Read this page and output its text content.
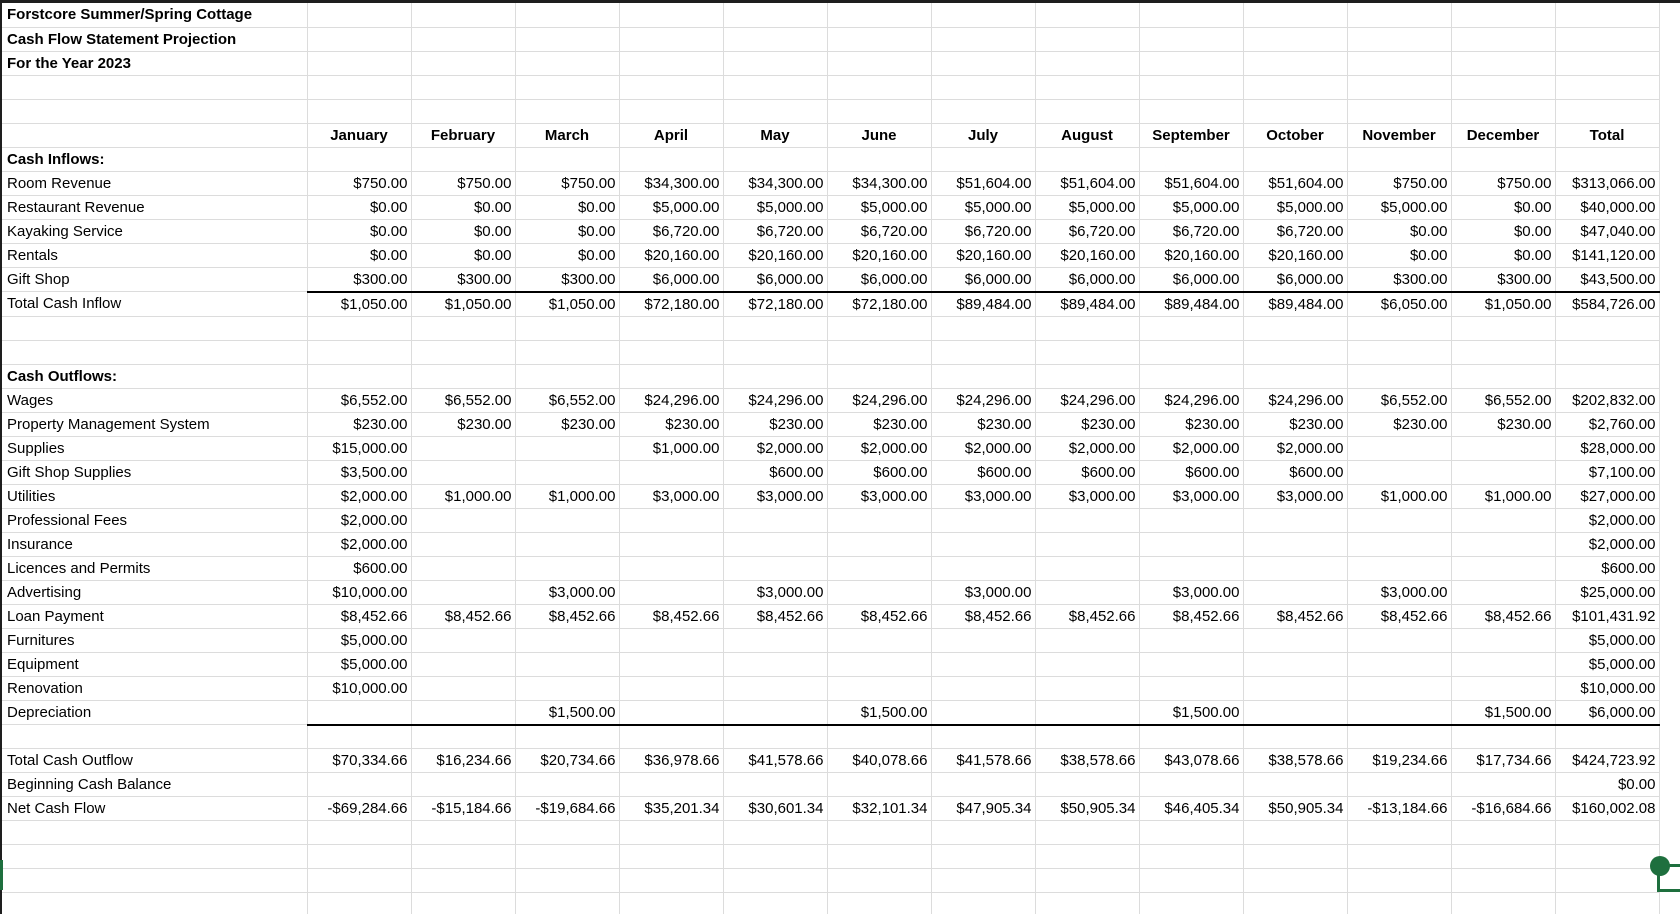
Forstcore Summer/Spring Cottage													
Cash Flow Statement Projection													
For the Year 2023													

	January	February	March	April	May	June	July	August	September	October	November	December	Total
Cash Inflows:													
Room Revenue	$750.00	$750.00	$750.00	$34,300.00	$34,300.00	$34,300.00	$51,604.00	$51,604.00	$51,604.00	$51,604.00	$750.00	$750.00	$313,066.00
Restaurant Revenue	$0.00	$0.00	$0.00	$5,000.00	$5,000.00	$5,000.00	$5,000.00	$5,000.00	$5,000.00	$5,000.00	$5,000.00	$0.00	$40,000.00
Kayaking Service	$0.00	$0.00	$0.00	$6,720.00	$6,720.00	$6,720.00	$6,720.00	$6,720.00	$6,720.00	$6,720.00	$0.00	$0.00	$47,040.00
Rentals	$0.00	$0.00	$0.00	$20,160.00	$20,160.00	$20,160.00	$20,160.00	$20,160.00	$20,160.00	$20,160.00	$0.00	$0.00	$141,120.00
Gift Shop	$300.00	$300.00	$300.00	$6,000.00	$6,000.00	$6,000.00	$6,000.00	$6,000.00	$6,000.00	$6,000.00	$300.00	$300.00	$43,500.00
Total Cash Inflow	$1,050.00	$1,050.00	$1,050.00	$72,180.00	$72,180.00	$72,180.00	$89,484.00	$89,484.00	$89,484.00	$89,484.00	$6,050.00	$1,050.00	$584,726.00

Cash Outflows:													
Wages	$6,552.00	$6,552.00	$6,552.00	$24,296.00	$24,296.00	$24,296.00	$24,296.00	$24,296.00	$24,296.00	$24,296.00	$6,552.00	$6,552.00	$202,832.00
Property Management System	$230.00	$230.00	$230.00	$230.00	$230.00	$230.00	$230.00	$230.00	$230.00	$230.00	$230.00	$230.00	$2,760.00
Supplies	$15,000.00			$1,000.00	$2,000.00	$2,000.00	$2,000.00	$2,000.00	$2,000.00	$2,000.00			$28,000.00
Gift Shop Supplies	$3,500.00				$600.00	$600.00	$600.00	$600.00	$600.00	$600.00			$7,100.00
Utilities	$2,000.00	$1,000.00	$1,000.00	$3,000.00	$3,000.00	$3,000.00	$3,000.00	$3,000.00	$3,000.00	$3,000.00	$1,000.00	$1,000.00	$27,000.00
Professional Fees	$2,000.00												$2,000.00
Insurance	$2,000.00												$2,000.00
Licences and Permits	$600.00												$600.00
Advertising	$10,000.00		$3,000.00		$3,000.00		$3,000.00		$3,000.00		$3,000.00		$25,000.00
Loan Payment	$8,452.66	$8,452.66	$8,452.66	$8,452.66	$8,452.66	$8,452.66	$8,452.66	$8,452.66	$8,452.66	$8,452.66	$8,452.66	$8,452.66	$101,431.92
Furnitures	$5,000.00												$5,000.00
Equipment	$5,000.00												$5,000.00
Renovation	$10,000.00												$10,000.00
Depreciation			$1,500.00			$1,500.00			$1,500.00			$1,500.00	$6,000.00

Total Cash Outflow	$70,334.66	$16,234.66	$20,734.66	$36,978.66	$41,578.66	$40,078.66	$41,578.66	$38,578.66	$43,078.66	$38,578.66	$19,234.66	$17,734.66	$424,723.92
Beginning Cash Balance													$0.00
Net Cash Flow	-$69,284.66	-$15,184.66	-$19,684.66	$35,201.34	$30,601.34	$32,101.34	$47,905.34	$50,905.34	$46,405.34	$50,905.34	-$13,184.66	-$16,684.66	$160,002.08
